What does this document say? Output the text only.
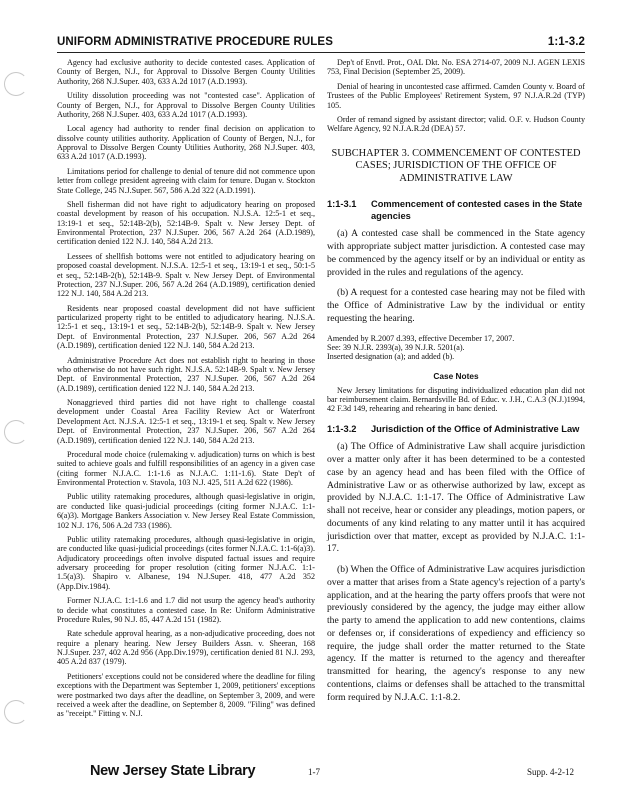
UNIFORM ADMINISTRATIVE PROCEDURE RULES	1:1-3.2

Agency had exclusive authority to decide contested cases. Application of County of Bergen, N.J., for Approval to Dissolve Bergen County Utilities Authority, 268 N.J.Super. 403, 633 A.2d 1017 (A.D.1993).

Utility dissolution proceeding was not "contested case". Application of County of Bergen, N.J., for Approval to Dissolve Bergen County Utilities Authority, 268 N.J.Super. 403, 633 A.2d 1017 (A.D.1993).

Local agency had authority to render final decision on application to dissolve county utilities authority. Application of County of Bergen, N.J., for Approval to Dissolve Bergen County Utilities Authority, 268 N.J.Super. 403, 633 A.2d 1017 (A.D.1993).

Limitations period for challenge to denial of tenure did not commence upon letter from college president agreeing with claim for tenure. Dugan v. Stockton State College, 245 N.J.Super. 567, 586 A.2d 322 (A.D.1991).

Shell fisherman did not have right to adjudicatory hearing on proposed coastal development by reason of his occupation. N.J.S.A. 12:5-1 et seq., 13:19-1 et seq., 52:14B-2(b), 52:14B-9. Spalt v. New Jersey Dept. of Environmental Protection, 237 N.J.Super. 206, 567 A.2d 264 (A.D.1989), certification denied 122 N.J. 140, 584 A.2d 213.

Lessees of shellfish bottoms were not entitled to adjudicatory hearing on proposed coastal development. N.J.S.A. 12:5-1 et seq., 13:19-1 et seq., 50:1-5 et seq., 52:14B-2(b), 52:14B-9. Spalt v. New Jersey Dept. of Environmental Protection, 237 N.J.Super. 206, 567 A.2d 264 (A.D.1989), certification denied 122 N.J. 140, 584 A.2d 213.

Residents near proposed coastal development did not have sufficient particularized property right to be entitled to adjudicatory hearing. N.J.S.A. 12:5-1 et seq., 13:19-1 et seq., 52:14B-2(b), 52:14B-9. Spalt v. New Jersey Dept. of Environmental Protection, 237 N.J.Super. 206, 567 A.2d 264 (A.D.1989), certification denied 122 N.J. 140, 584 A.2d 213.

Administrative Procedure Act does not establish right to hearing in those who otherwise do not have such right. N.J.S.A. 52:14B-9. Spalt v. New Jersey Dept. of Environmental Protection, 237 N.J.Super. 206, 567 A.2d 264 (A.D.1989), certification denied 122 N.J. 140, 584 A.2d 213.

Nonaggrieved third parties did not have right to challenge coastal development under Coastal Area Facility Review Act or Waterfront Development Act. N.J.S.A. 12:5-1 et seq., 13:19-1 et seq. Spalt v. New Jersey Dept. of Environmental Protection, 237 N.J.Super. 206, 567 A.2d 264 (A.D.1989), certification denied 122 N.J. 140, 584 A.2d 213.

Procedural mode choice (rulemaking v. adjudication) turns on which is best suited to achieve goals and fulfill responsibilities of an agency in a given case (citing former N.J.A.C. 1:1-1.6 as N.J.A.C. 1:11-1.6). State Dep't of Environmental Protection v. Stavola, 103 N.J. 425, 511 A.2d 622 (1986).

Public utility ratemaking procedures, although quasi-legislative in origin, are conducted like quasi-judicial proceedings (citing former N.J.A.C. 1:1-6(a)3). Mortgage Bankers Association v. New Jersey Real Estate Commission, 102 N.J. 176, 506 A.2d 733 (1986).

Public utility ratemaking procedures, although quasi-legislative in origin, are conducted like quasi-judicial proceedings (cites former N.J.A.C. 1:1-6(a)3). Adjudicatory proceedings often involve disputed factual issues and require adversary proceeding for proper resolution (citing former N.J.A.C. 1:1-1.5(a)3). Shapiro v. Albanese, 194 N.J.Super. 418, 477 A.2d 352 (App.Div.1984).

Former N.J.A.C. 1:1-1.6 and 1.7 did not usurp the agency head's authority to decide what constitutes a contested case. In Re: Uniform Administrative Procedure Rules, 90 N.J. 85, 447 A.2d 151 (1982).

Rate schedule approval hearing, as a non-adjudicative proceeding, does not require a plenary hearing. New Jersey Builders Assn. v. Sheeran, 168 N.J.Super. 237, 402 A.2d 956 (App.Div.1979), certification denied 81 N.J. 293, 405 A.2d 837 (1979).

Petitioners' exceptions could not be considered where the deadline for filing exceptions with the Department was September 1, 2009, petitioners' exceptions were postmarked two days after the deadline, on September 3, 2009, and were received a week after the deadline, on September 8, 2009. "Filing" was defined as "receipt." Fitting v. N.J.

Dep't of Envtl. Prot., OAL Dkt. No. ESA 2714-07, 2009 N.J. AGEN LEXIS 753, Final Decision (September 25, 2009).

Denial of hearing in uncontested case affirmed. Camden County v. Board of Trustees of the Public Employees' Retirement System, 97 N.J.A.R.2d (TYP) 105.

Order of remand signed by assistant director; valid. O.F. v. Hudson County Welfare Agency, 92 N.J.A.R.2d (DEA) 57.

SUBCHAPTER 3. COMMENCEMENT OF CONTESTED
CASES; JURISDICTION OF THE OFFICE OF
ADMINISTRATIVE LAW
1:1-3.1	Commencement of contested cases in the State agencies

(a) A contested case shall be commenced in the State agency with appropriate subject matter jurisdiction. A contested case may be commenced by the agency itself or by an individual or entity as provided in the rules and regulations of the agency.

(b) A request for a contested case hearing may not be filed with the Office of Administrative Law by the individual or entity requesting the hearing.

Amended by R.2007 d.393, effective December 17, 2007.

See: 39 N.J.R. 2393(a), 39 N.J.R. 5201(a).

Inserted designation (a); and added (b).

Case Notes

New Jersey limitations for disputing individualized education plan did not bar reimbursement claim. Bernardsville Bd. of Educ. v. J.H., C.A.3 (N.J.)1994, 42 F.3d 149, rehearing and rehearing in banc denied.

1:1-3.2	Jurisdiction of the Office of Administrative Law

(a) The Office of Administrative Law shall acquire jurisdiction over a matter only after it has been determined to be a contested case by an agency head and has been filed with the Office of Administrative Law or as otherwise authorized by law, except as provided by N.J.A.C. 1:1-17. The Office of Administrative Law shall not receive, hear or consider any pleadings, motion papers, or documents of any kind relating to any matter until it has acquired jurisdiction over that matter, except as provided by N.J.A.C. 1:1-17.

(b) When the Office of Administrative Law acquires jurisdiction over a matter that arises from a State agency's rejection of a party's application, and at the hearing the party offers proofs that were not previously considered by the agency, the judge may either allow the party to amend the application to add new contentions, claims or defenses or, if considerations of expediency and efficiency so require, the judge shall order the matter returned to the State agency. If the matter is returned to the agency and thereafter transmitted for hearing, the agency's response to any new contentions, claims or defenses shall be attached to the transmittal form required by N.J.A.C. 1:1-8.2.

New Jersey State Library	1-7	Supp. 4-2-12
